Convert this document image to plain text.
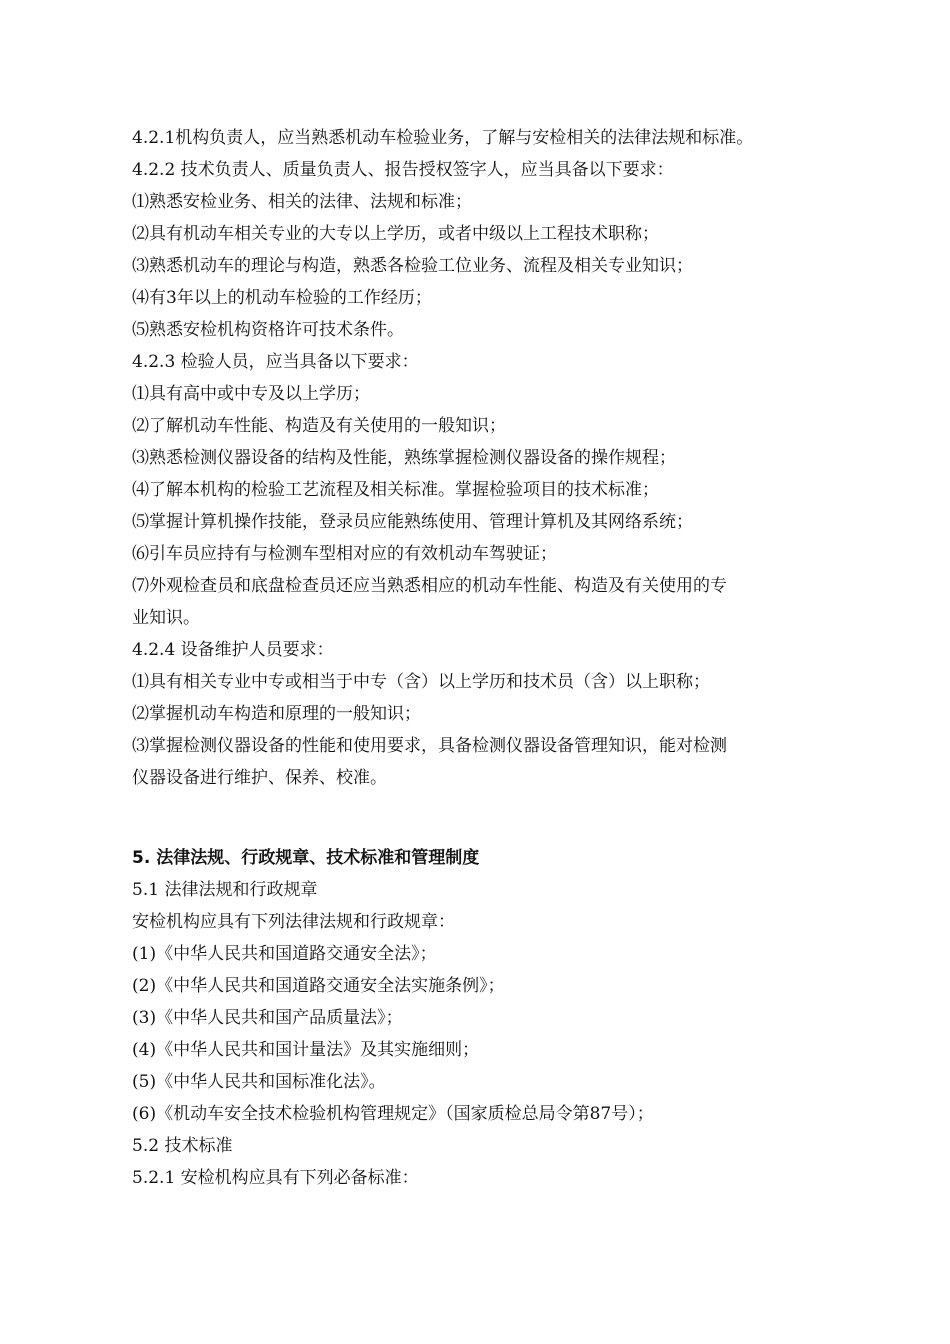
4.2.1机构负责人，应当熟悉机动车检验业务，了解与安检相关的法律法规和标准。
4.2.2 技术负责人、质量负责人、报告授权签字人，应当具备以下要求：
⑴熟悉安检业务、相关的法律、法规和标准；
⑵具有机动车相关专业的大专以上学历，或者中级以上工程技术职称；
⑶熟悉机动车的理论与构造，熟悉各检验工位业务、流程及相关专业知识；
⑷有3年以上的机动车检验的工作经历；
⑸熟悉安检机构资格许可技术条件。
4.2.3 检验人员，应当具备以下要求：
⑴具有高中或中专及以上学历；
⑵了解机动车性能、构造及有关使用的一般知识；
⑶熟悉检测仪器设备的结构及性能，熟练掌握检测仪器设备的操作规程；
⑷了解本机构的检验工艺流程及相关标准。掌握检验项目的技术标准；
⑸掌握计算机操作技能，登录员应能熟练使用、管理计算机及其网络系统；
⑹引车员应持有与检测车型相对应的有效机动车驾驶证；
⑺外观检查员和底盘检查员还应当熟悉相应的机动车性能、构造及有关使用的专
业知识。
4.2.4 设备维护人员要求：
⑴具有相关专业中专或相当于中专（含）以上学历和技术员（含）以上职称；
⑵掌握机动车构造和原理的一般知识；
⑶掌握检测仪器设备的性能和使用要求，具备检测仪器设备管理知识，能对检测
仪器设备进行维护、保养、校准。
5. 法律法规、行政规章、技术标准和管理制度
5.1 法律法规和行政规章
安检机构应具有下列法律法规和行政规章：
(1)《中华人民共和国道路交通安全法》；
(2)《中华人民共和国道路交通安全法实施条例》；
(3)《中华人民共和国产品质量法》；
(4)《中华人民共和国计量法》及其实施细则；
(5)《中华人民共和国标准化法》。
(6)《机动车安全技术检验机构管理规定》（国家质检总局令第87号）；
5.2 技术标准
5.2.1 安检机构应具有下列必备标准：
